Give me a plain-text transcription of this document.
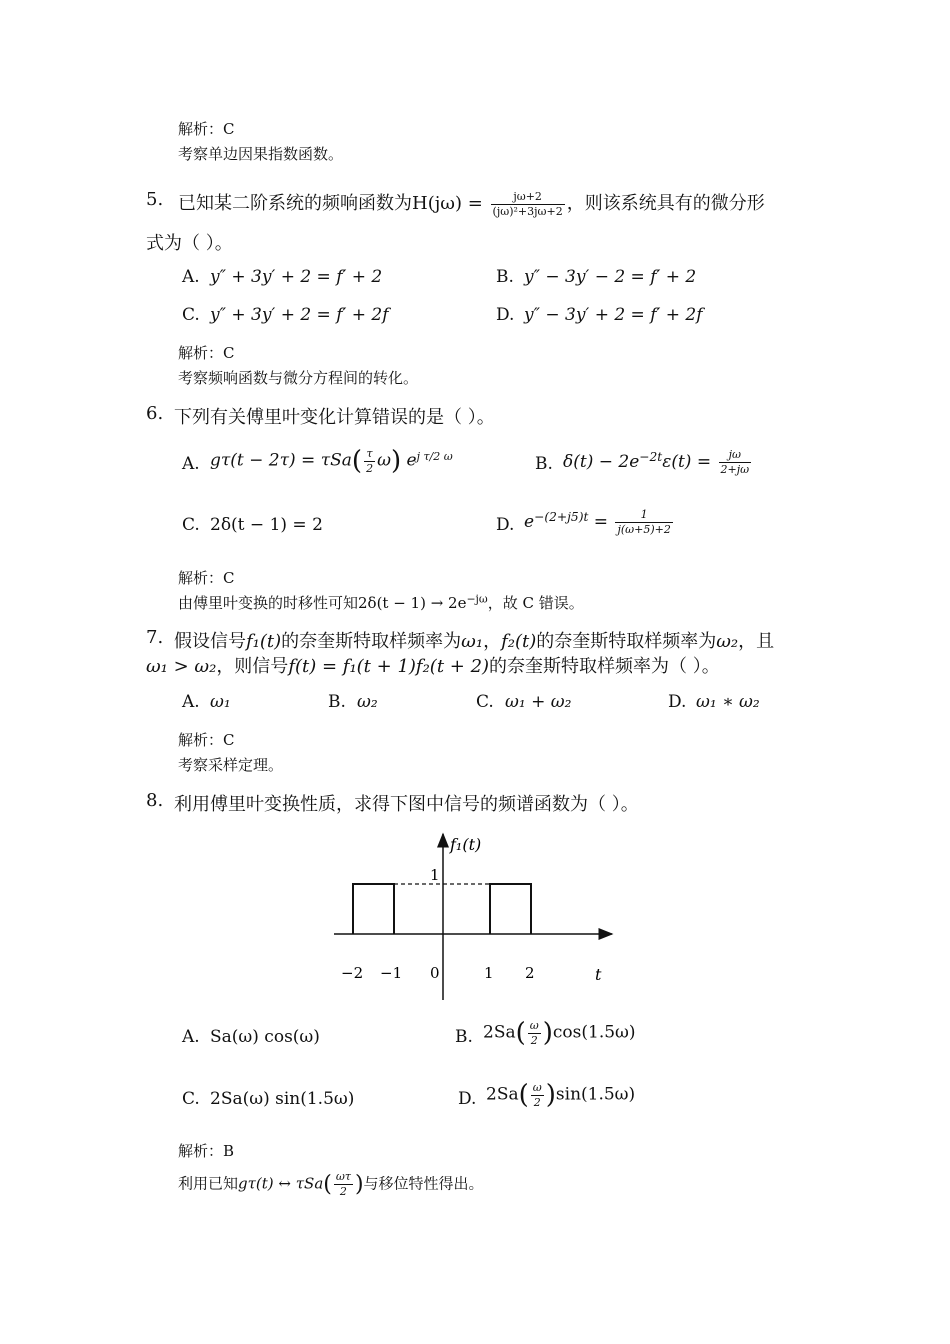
解析：C
考察单边因果指数函数。
5. 已知某二阶系统的频响函数为$H(j\omega) = \frac{j\omega+2}{\text{(jω)²+3jω+2}}$ ，则该系统具有的微分形
式为（ ）。
A. y″ + 3y′ + 2 = f′ + 2	B. y″ − 3y′ − 2 = f′ + 2
C. y″ + 3y′ + 2 = f′ + 2f	D. y″ − 3y′ + 2 = f′ + 2f
解析：C
考察频响函数与微分方程间的转化。
6. 下列有关傅里叶变化计算错误的是（ ）。
A. $g\tau(t - 2\tau) = \tau Sa( \frac{\tau}{2} \omega)$ $e^{j \tau/2 \omega}$	B. $\delta(t) - 2e^{-2t}\varepsilon(t) = \frac{j\omega}{2+j\omega}$
C. 2δ(t − 1) = 2	D. $e^{-(2+j5)t} = \frac{1}{j(\omega+5)+2}$
解析：C
由傅里叶变换的时移性可知$2\delta(t - 1) \to 2e^{-j\omega}$，故 C 错误。
7. 假设信号f₁(t)的奈奎斯特取样频率为ω₁，f₂(t)的奈奎斯特取样频率为ω₂，且
ω₁ > ω₂，则信号f(t) = f₁(t + 1)f₂(t + 2)的奈奎斯特取样频率为（ ）。
A. ω₁	B. ω₂	C. ω₁ + ω₂	D. ω₁ ∗ ω₂
解析：C
考察采样定理。
8. 利用傅里叶变换性质，求得下图中信号的频谱函数为（ ）。
f₁(t)
1
t
−2 −1 0	1 2
A. Sa(ω) cos(ω)	B. $2Sa( \frac{\omega}{2} )\cos(1.5\omega)$
C. 2Sa(ω) sin(1.5ω)	D. $2Sa( \frac{\omega}{2} )\sin(1.5\omega)$
解析：B
利用已知gτ(t) ↔ $\tau Sa( \frac{\omega\tau}{2}$ )与移位特性得出。
